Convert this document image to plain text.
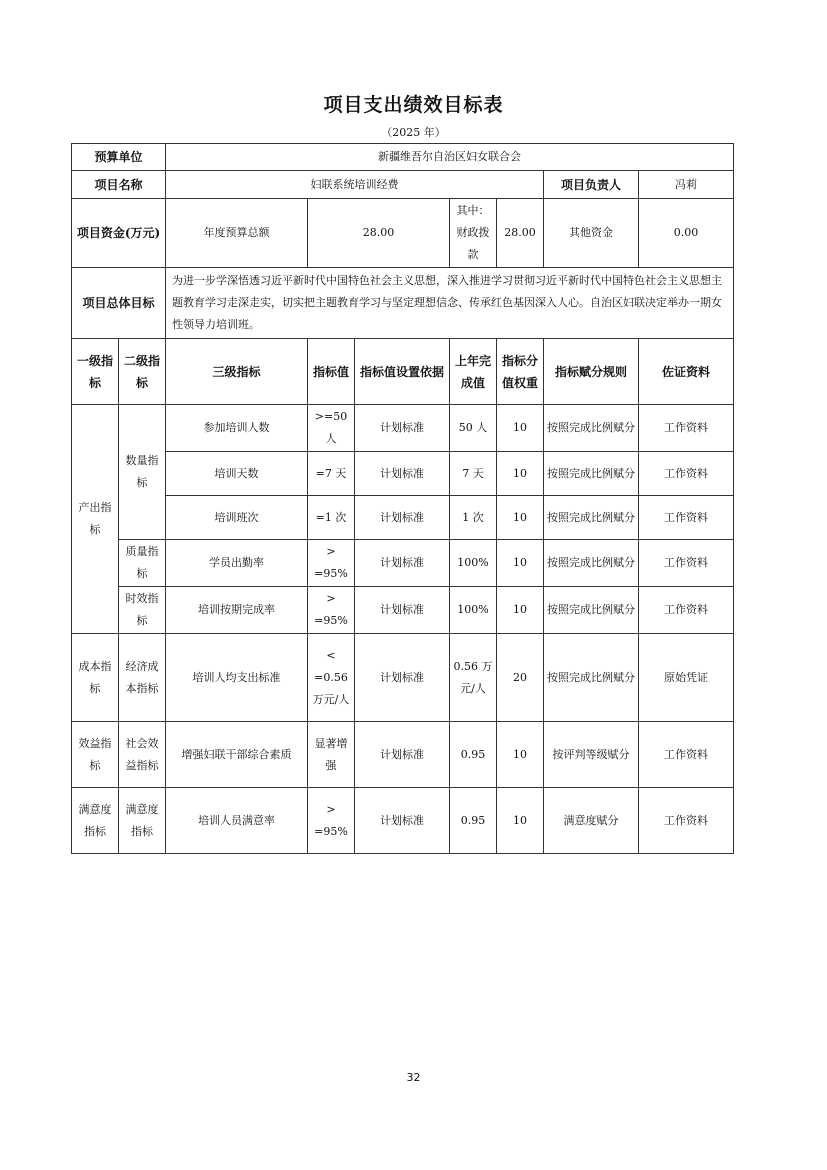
项目支出绩效目标表
（2025 年）
预算单位		新疆维吾尔自治区妇女联合会						
项目名称		妇联系统培训经费					项目负责人	冯莉
项目资金(万元)		年度预算总额	28.00		其中：财政拨款	28.00	其他资金	0.00
项目总体目标		为进一步学深悟透习近平新时代中国特色社会主义思想，深入推进学习贯彻习近平新时代中国特色社会主义思想主题教育学习走深走实，切实把主题教育学习与坚定理想信念、传承红色基因深入人心。自治区妇联决定举办一期女性领导力培训班。						
一级指标	二级指标	三级指标	指标值	指标值设置依据	上年完成值	指标分值权重	指标赋分规则	佐证资料
产出指标	数量指标	参加培训人数	>=50人	计划标准	50 人	10	按照完成比例赋分	工作资料
		培训天数	=7 天	计划标准	7 天	10	按照完成比例赋分	工作资料
		培训班次	=1 次	计划标准	1 次	10	按照完成比例赋分	工作资料
	质量指标	学员出勤率	> =95%	计划标准	100%	10	按照完成比例赋分	工作资料
	时效指标	培训按期完成率	> =95%	计划标准	100%	10	按照完成比例赋分	工作资料
成本指标	经济成本指标	培训人均支出标准	< =0.56 万元/人	计划标准	0.56 万元/人	20	按照完成比例赋分	原始凭证
效益指标	社会效益指标	增强妇联干部综合素质	显著增强	计划标准	0.95	10	按评判等级赋分	工作资料
满意度指标	满意度指标	培训人员满意率	> =95%	计划标准	0.95	10	满意度赋分	工作资料
32
